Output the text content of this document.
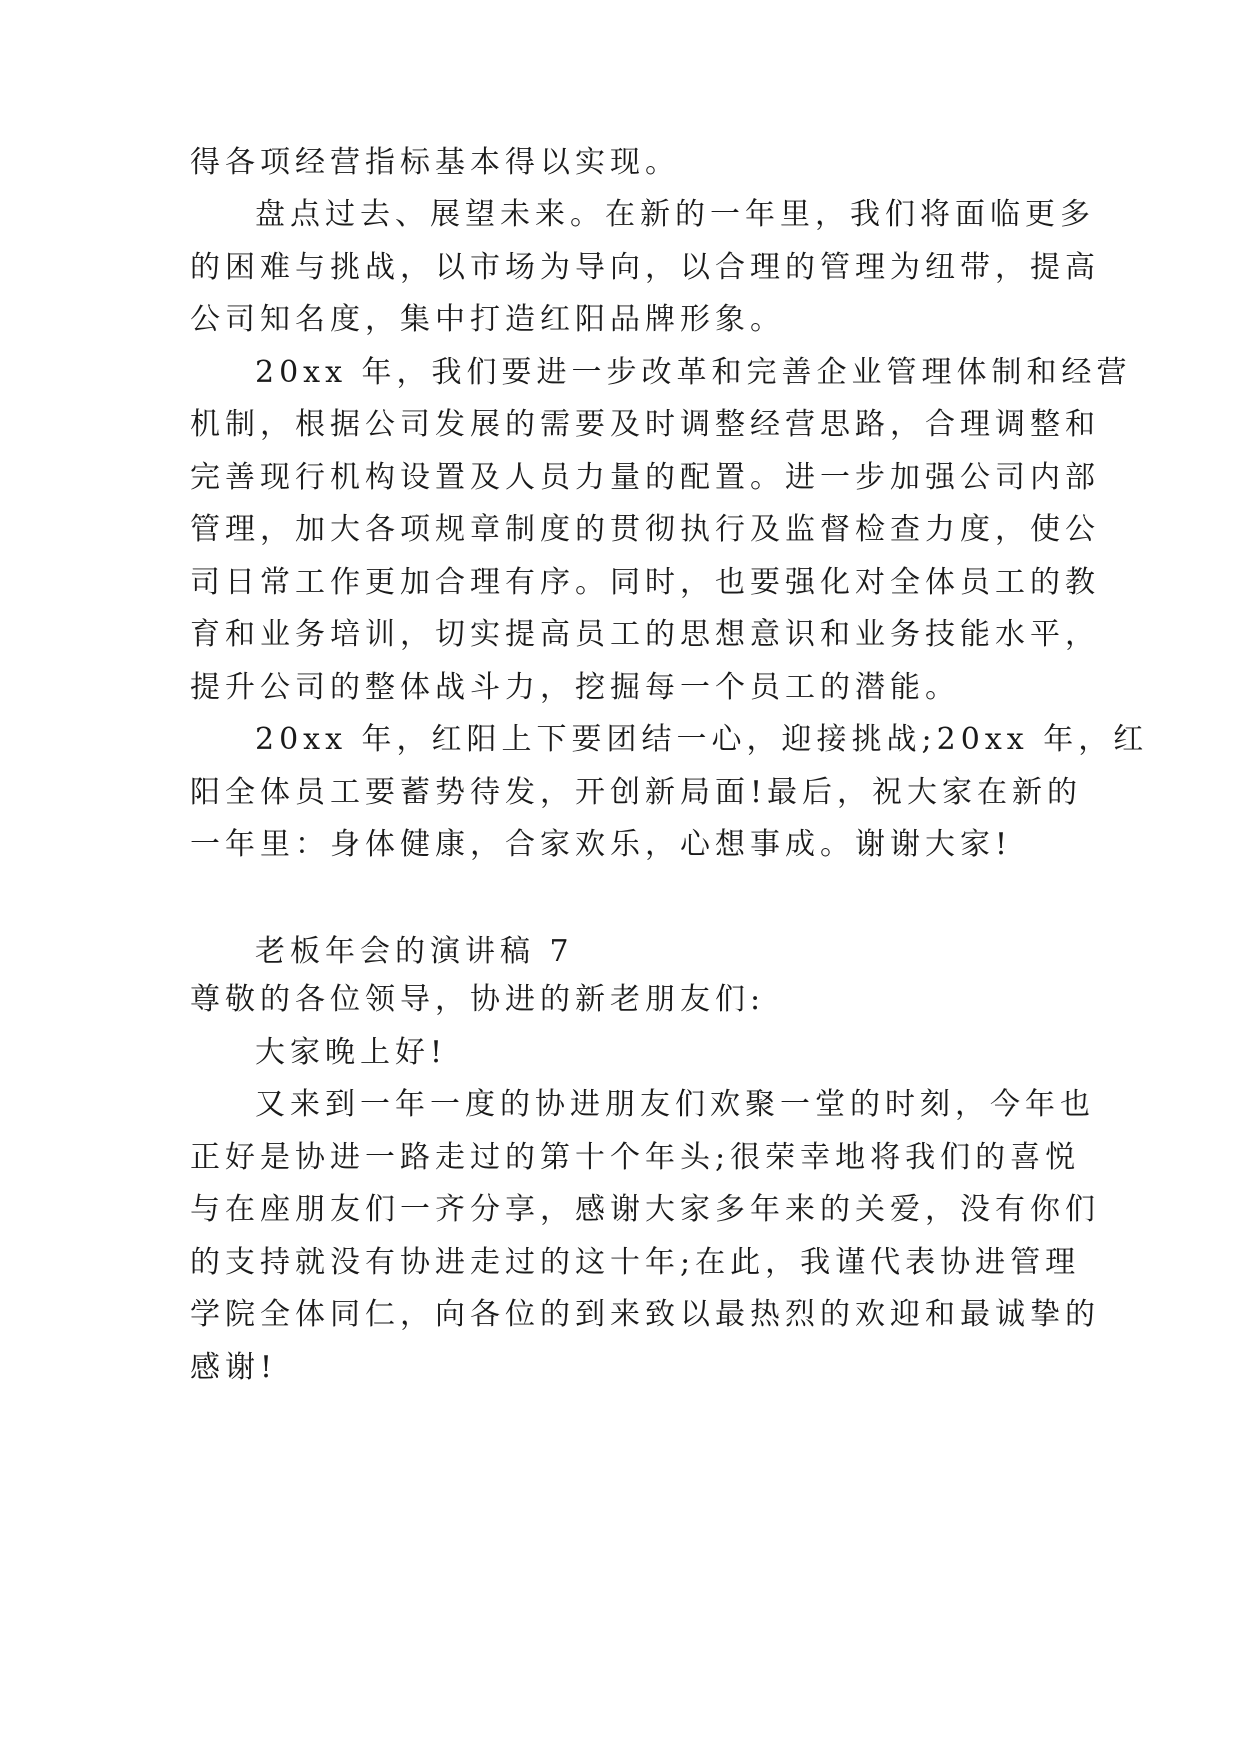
得各项经营指标基本得以实现。
盘点过去、展望未来。在新的一年里，我们将面临更多
的困难与挑战，以市场为导向，以合理的管理为纽带，提高
公司知名度，集中打造红阳品牌形象。
20xx 年，我们要进一步改革和完善企业管理体制和经营
机制，根据公司发展的需要及时调整经营思路，合理调整和
完善现行机构设置及人员力量的配置。进一步加强公司内部
管理，加大各项规章制度的贯彻执行及监督检查力度，使公
司日常工作更加合理有序。同时，也要强化对全体员工的教
育和业务培训，切实提高员工的思想意识和业务技能水平，
提升公司的整体战斗力，挖掘每一个员工的潜能。
20xx 年，红阳上下要团结一心，迎接挑战;20xx 年，红
阳全体员工要蓄势待发，开创新局面!最后，祝大家在新的
一年里：身体健康，合家欢乐，心想事成。谢谢大家!
老板年会的演讲稿 7
尊敬的各位领导，协进的新老朋友们:
大家晚上好!
又来到一年一度的协进朋友们欢聚一堂的时刻，今年也
正好是协进一路走过的第十个年头;很荣幸地将我们的喜悦
与在座朋友们一齐分享，感谢大家多年来的关爱，没有你们
的支持就没有协进走过的这十年;在此，我谨代表协进管理
学院全体同仁，向各位的到来致以最热烈的欢迎和最诚挚的
感谢!
